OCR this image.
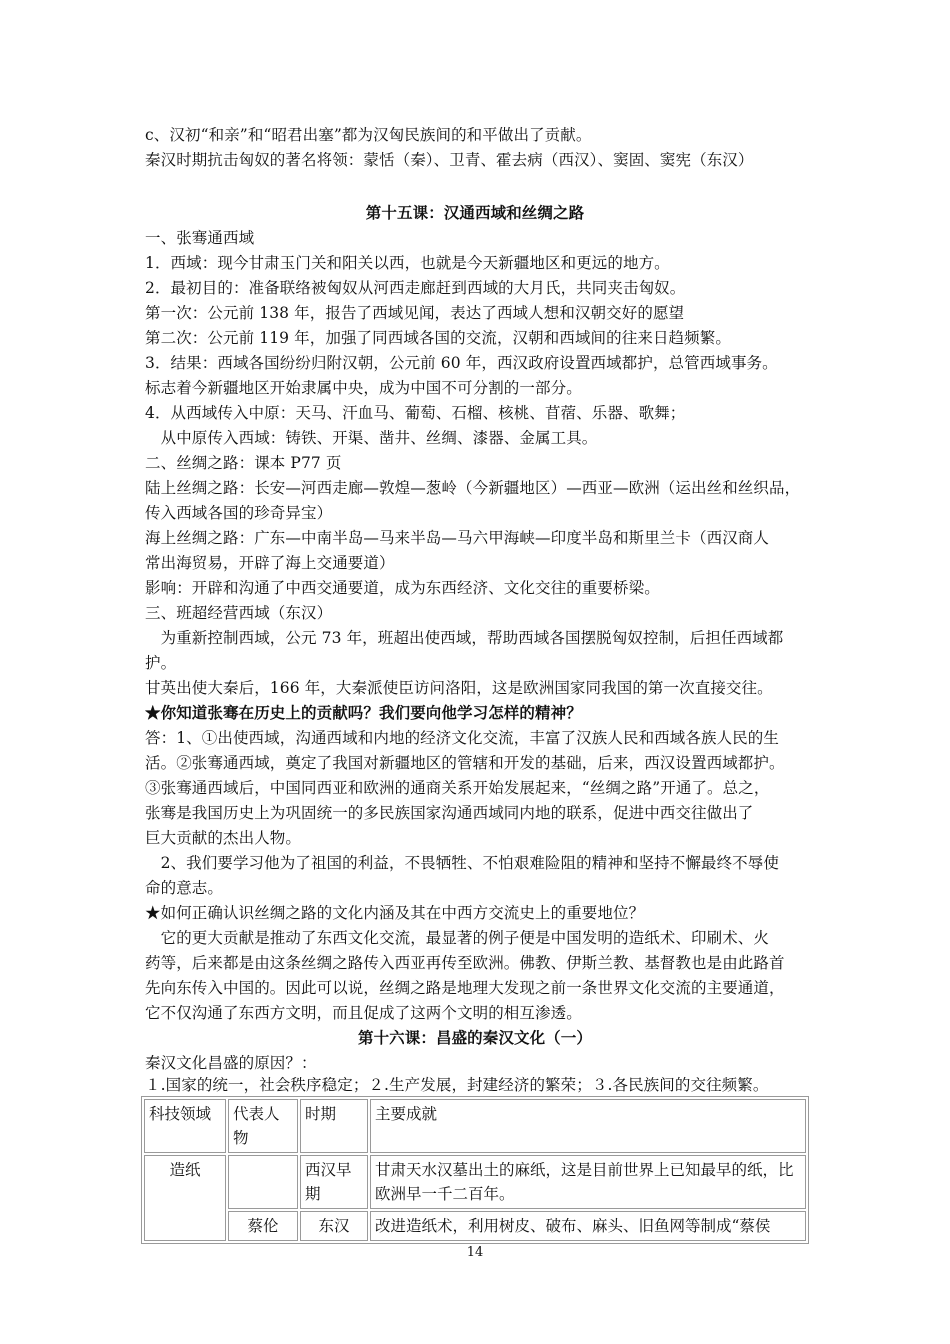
c、汉初“和亲”和“昭君出塞”都为汉匈民族间的和平做出了贡献。
秦汉时期抗击匈奴的著名将领：蒙恬（秦）、卫青、霍去病（西汉）、窦固、窦宪（东汉）
第十五课：汉通西域和丝绸之路
一、张骞通西域
1．西域：现今甘肃玉门关和阳关以西，也就是今天新疆地区和更远的地方。
2．最初目的：准备联络被匈奴从河西走廊赶到西域的大月氏，共同夹击匈奴。
第一次：公元前 138 年，报告了西域见闻，表达了西域人想和汉朝交好的愿望
第二次：公元前 119 年，加强了同西域各国的交流，汉朝和西域间的往来日趋频繁。
3．结果：西域各国纷纷归附汉朝，公元前 60 年，西汉政府设置西域都护，总管西域事务。
标志着今新疆地区开始隶属中央，成为中国不可分割的一部分。
4．从西域传入中原：天马、汗血马、葡萄、石榴、核桃、苜蓿、乐器、歌舞；
　从中原传入西域：铸铁、开渠、凿井、丝绸、漆器、金属工具。
二、丝绸之路：课本 P77 页
陆上丝绸之路：长安—河西走廊—敦煌—葱岭（今新疆地区）—西亚—欧洲（运出丝和丝织品，
传入西域各国的珍奇异宝）
海上丝绸之路：广东—中南半岛—马来半岛—马六甲海峡—印度半岛和斯里兰卡（西汉商人
常出海贸易，开辟了海上交通要道）
影响：开辟和沟通了中西交通要道，成为东西经济、文化交往的重要桥梁。
三、班超经营西域（东汉）
　为重新控制西域，公元 73 年，班超出使西域，帮助西域各国摆脱匈奴控制，后担任西域都
护。
甘英出使大秦后，166 年，大秦派使臣访问洛阳，这是欧洲国家同我国的第一次直接交往。
★你知道张骞在历史上的贡献吗？我们要向他学习怎样的精神？
答：1、①出使西域，沟通西域和内地的经济文化交流，丰富了汉族人民和西域各族人民的生
活。②张骞通西域，奠定了我国对新疆地区的管辖和开发的基础，后来，西汉设置西域都护。
③张骞通西域后，中国同西亚和欧洲的通商关系开始发展起来，“丝绸之路”开通了。总之，
张骞是我国历史上为巩固统一的多民族国家沟通西域同内地的联系，促进中西交往做出了
巨大贡献的杰出人物。
　2、我们要学习他为了祖国的利益，不畏牺牲、不怕艰难险阻的精神和坚持不懈最终不辱使
命的意志。
★如何正确认识丝绸之路的文化内涵及其在中西方交流史上的重要地位？
　它的更大贡献是推动了东西文化交流，最显著的例子便是中国发明的造纸术、印刷术、火
药等，后来都是由这条丝绸之路传入西亚再传至欧洲。佛教、伊斯兰教、基督教也是由此路首
先向东传入中国的。因此可以说，丝绸之路是地理大发现之前一条世界文化交流的主要通道，
它不仅沟通了东西方文明，而且促成了这两个文明的相互渗透。
第十六课：昌盛的秦汉文化（一）
秦汉文化昌盛的原因？：
１.国家的统一，社会秩序稳定；２.生产发展，封建经济的繁荣；３.各民族间的交往频繁。
科技领域	代表人物	时期	主要成就
造纸		西汉早期	甘肃天水汉墓出土的麻纸，这是目前世界上已知最早的纸，比欧洲早一千二百年。
	蔡伦	东汉	改进造纸术，利用树皮、破布、麻头、旧鱼网等制成“蔡侯
14
